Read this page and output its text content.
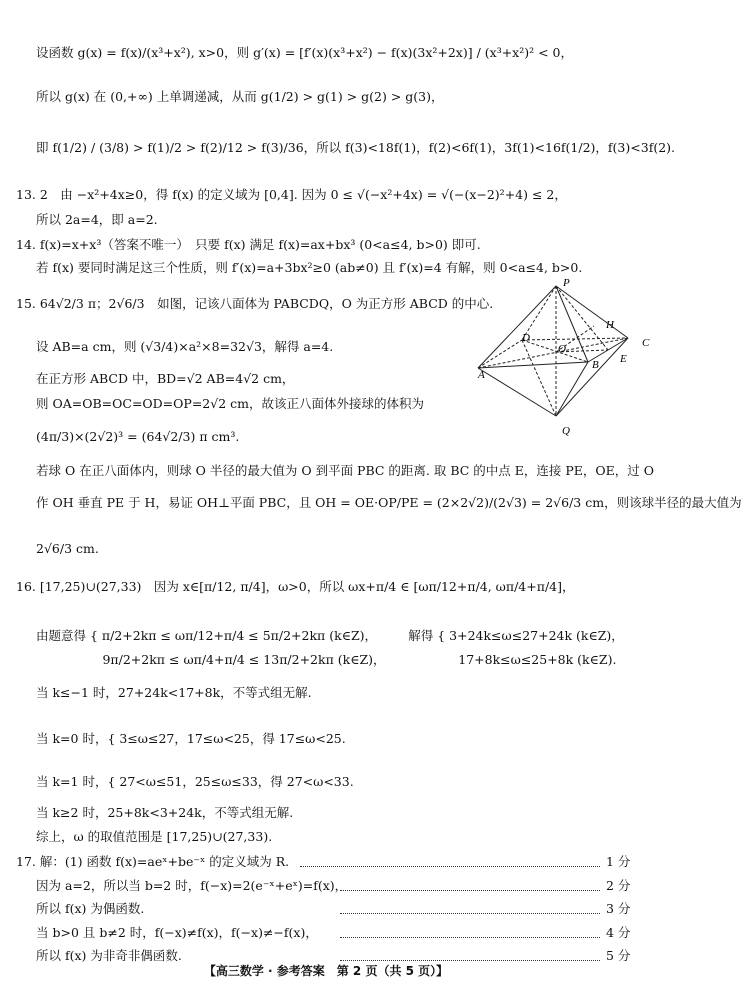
设函数 g(x) = f(x)/(x³+x²), x>0，则 g′(x) = [f′(x)(x³+x²) − f(x)(3x²+2x)] / (x³+x²)² < 0，
所以 g(x) 在 (0,+∞) 上单调递减，从而 g(1/2) > g(1) > g(2) > g(3)，
即 f(1/2) / (3/8) > f(1)/2 > f(2)/12 > f(3)/36，所以 f(3)<18f(1)，f(2)<6f(1)，3f(1)<16f(1/2)，f(3)<3f(2).
13. 2　由 −x²+4x≥0，得 f(x) 的定义域为 [0,4]. 因为 0 ≤ √(−x²+4x) = √(−(x−2)²+4) ≤ 2，
所以 2a=4，即 a=2.
14. f(x)=x+x³（答案不唯一）　只要 f(x) 满足 f(x)=ax+bx³ (0<a≤4, b>0) 即可.
若 f(x) 要同时满足这三个性质，则 f′(x)=a+3bx²≥0 (ab≠0) 且 f′(x)=4 有解，则 0<a≤4, b>0.
15. 64√2/3 π；2√6/3　如图，记该八面体为 PABCDQ，O 为正方形 ABCD 的中心.
设 AB=a cm，则 (√3/4)×a²×8=32√3，解得 a=4.
在正方形 ABCD 中，BD=√2 AB=4√2 cm，
则 OA=OB=OC=OD=OP=2√2 cm，故该正八面体外接球的体积为
(4π/3)×(2√2)³ = (64√2/3) π cm³.
若球 O 在正八面体内，则球 O 半径的最大值为 O 到平面 PBC 的距离. 取 BC 的中点 E，连接 PE，OE，过 O
作 OH 垂直 PE 于 H，易证 OH⊥平面 PBC，且 OH = OE·OP/PE = (2×2√2)/(2√3) = 2√6/3 cm，则该球半径的最大值为
2√6/3 cm.
16. [17,25)∪(27,33)　因为 x∈[π/12, π/4]，ω>0，所以 ωx+π/4 ∈ [ωπ/12+π/4, ωπ/4+π/4]，
由题意得 { π/2+2kπ ≤ ωπ/12+π/4 ≤ 5π/2+2kπ (k∈Z)，　　　解得 { 3+24k≤ω≤27+24k (k∈Z)，
　　　　　 9π/2+2kπ ≤ ωπ/4+π/4 ≤ 13π/2+2kπ (k∈Z)，　　　　　　 17+8k≤ω≤25+8k (k∈Z).
当 k≤−1 时，27+24k<17+8k，不等式组无解.
当 k=0 时，{ 3≤ω≤27，17≤ω<25，得 17≤ω<25.
当 k=1 时，{ 27<ω≤51，25≤ω≤33，得 27<ω<33.
当 k≥2 时，25+8k<3+24k，不等式组无解.
综上，ω 的取值范围是 [17,25)∪(27,33).
17. 解：(1) 函数 f(x)=aeˣ+be⁻ˣ 的定义域为 R.	1 分
因为 a=2，所以当 b=2 时，f(−x)=2(e⁻ˣ+eˣ)=f(x)，	2 分
所以 f(x) 为偶函数.	3 分
当 b>0 且 b≠2 时，f(−x)≠f(x)，f(−x)≠−f(x)，	4 分
所以 f(x) 为非奇非偶函数.	5 分
P
A
B
C
D
H
E
O
Q
【高三数学 · 参考答案　第 2 页（共 5 页）】
